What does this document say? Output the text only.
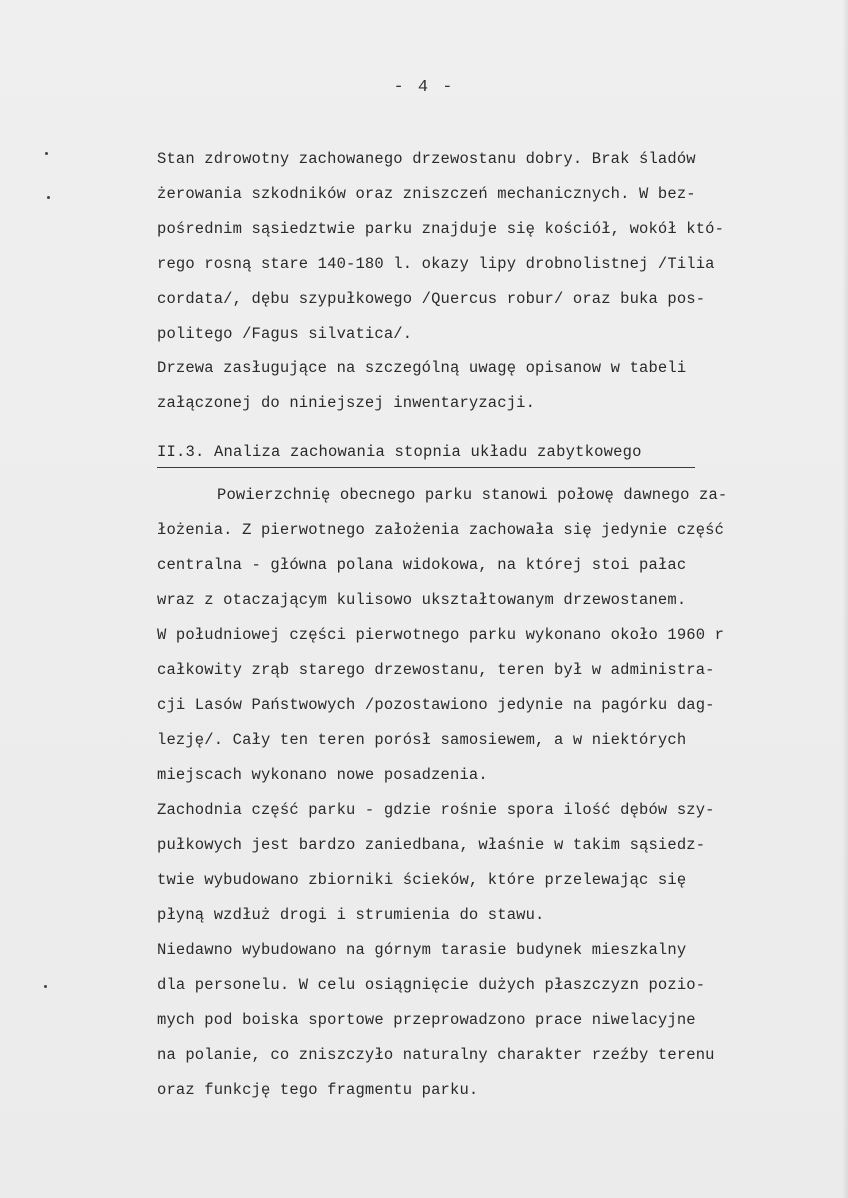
- 4 -
Stan zdrowotny zachowanego drzewostanu dobry. Brak śladów
żerowania szkodników oraz zniszczeń mechanicznych. W bez-
pośrednim sąsiedztwie parku znajduje się kościół, wokół któ-
rego rosną stare 140-180 l. okazy lipy drobnolistnej /Tilia
cordata/, dębu szypułkowego /Quercus robur/ oraz buka pos-
politego /Fagus silvatica/.
Drzewa zasługujące na szczególną uwagę opisanow w tabeli
załączonej do niniejszej inwentaryzacji.
II.3. Analiza zachowania stopnia układu zabytkowego
Powierzchnię obecnego parku stanowi połowę dawnego za-
łożenia. Z pierwotnego założenia zachowała się jedynie część
centralna - główna polana widokowa, na której stoi pałac
wraz z otaczającym kulisowo ukształtowanym drzewostanem.
W południowej części pierwotnego parku wykonano około 1960 r
całkowity zrąb starego drzewostanu, teren był w administra-
cji Lasów Państwowych /pozostawiono jedynie na pagórku dag-
lezję/. Cały ten teren porósł samosiewem, a w niektórych
miejscach wykonano nowe posadzenia.
Zachodnia część parku - gdzie rośnie spora ilość dębów szy-
pułkowych jest bardzo zaniedbana, właśnie w takim sąsiedz-
twie wybudowano zbiorniki ścieków, które przelewając się
płyną wzdłuż drogi i strumienia do stawu.
Niedawno wybudowano na górnym tarasie budynek mieszkalny
dla personelu. W celu osiągnięcie dużych płaszczyzn pozio-
mych pod boiska sportowe przeprowadzono prace niwelacyjne
na polanie, co zniszczyło naturalny charakter rzeźby terenu
oraz funkcję tego fragmentu parku.
